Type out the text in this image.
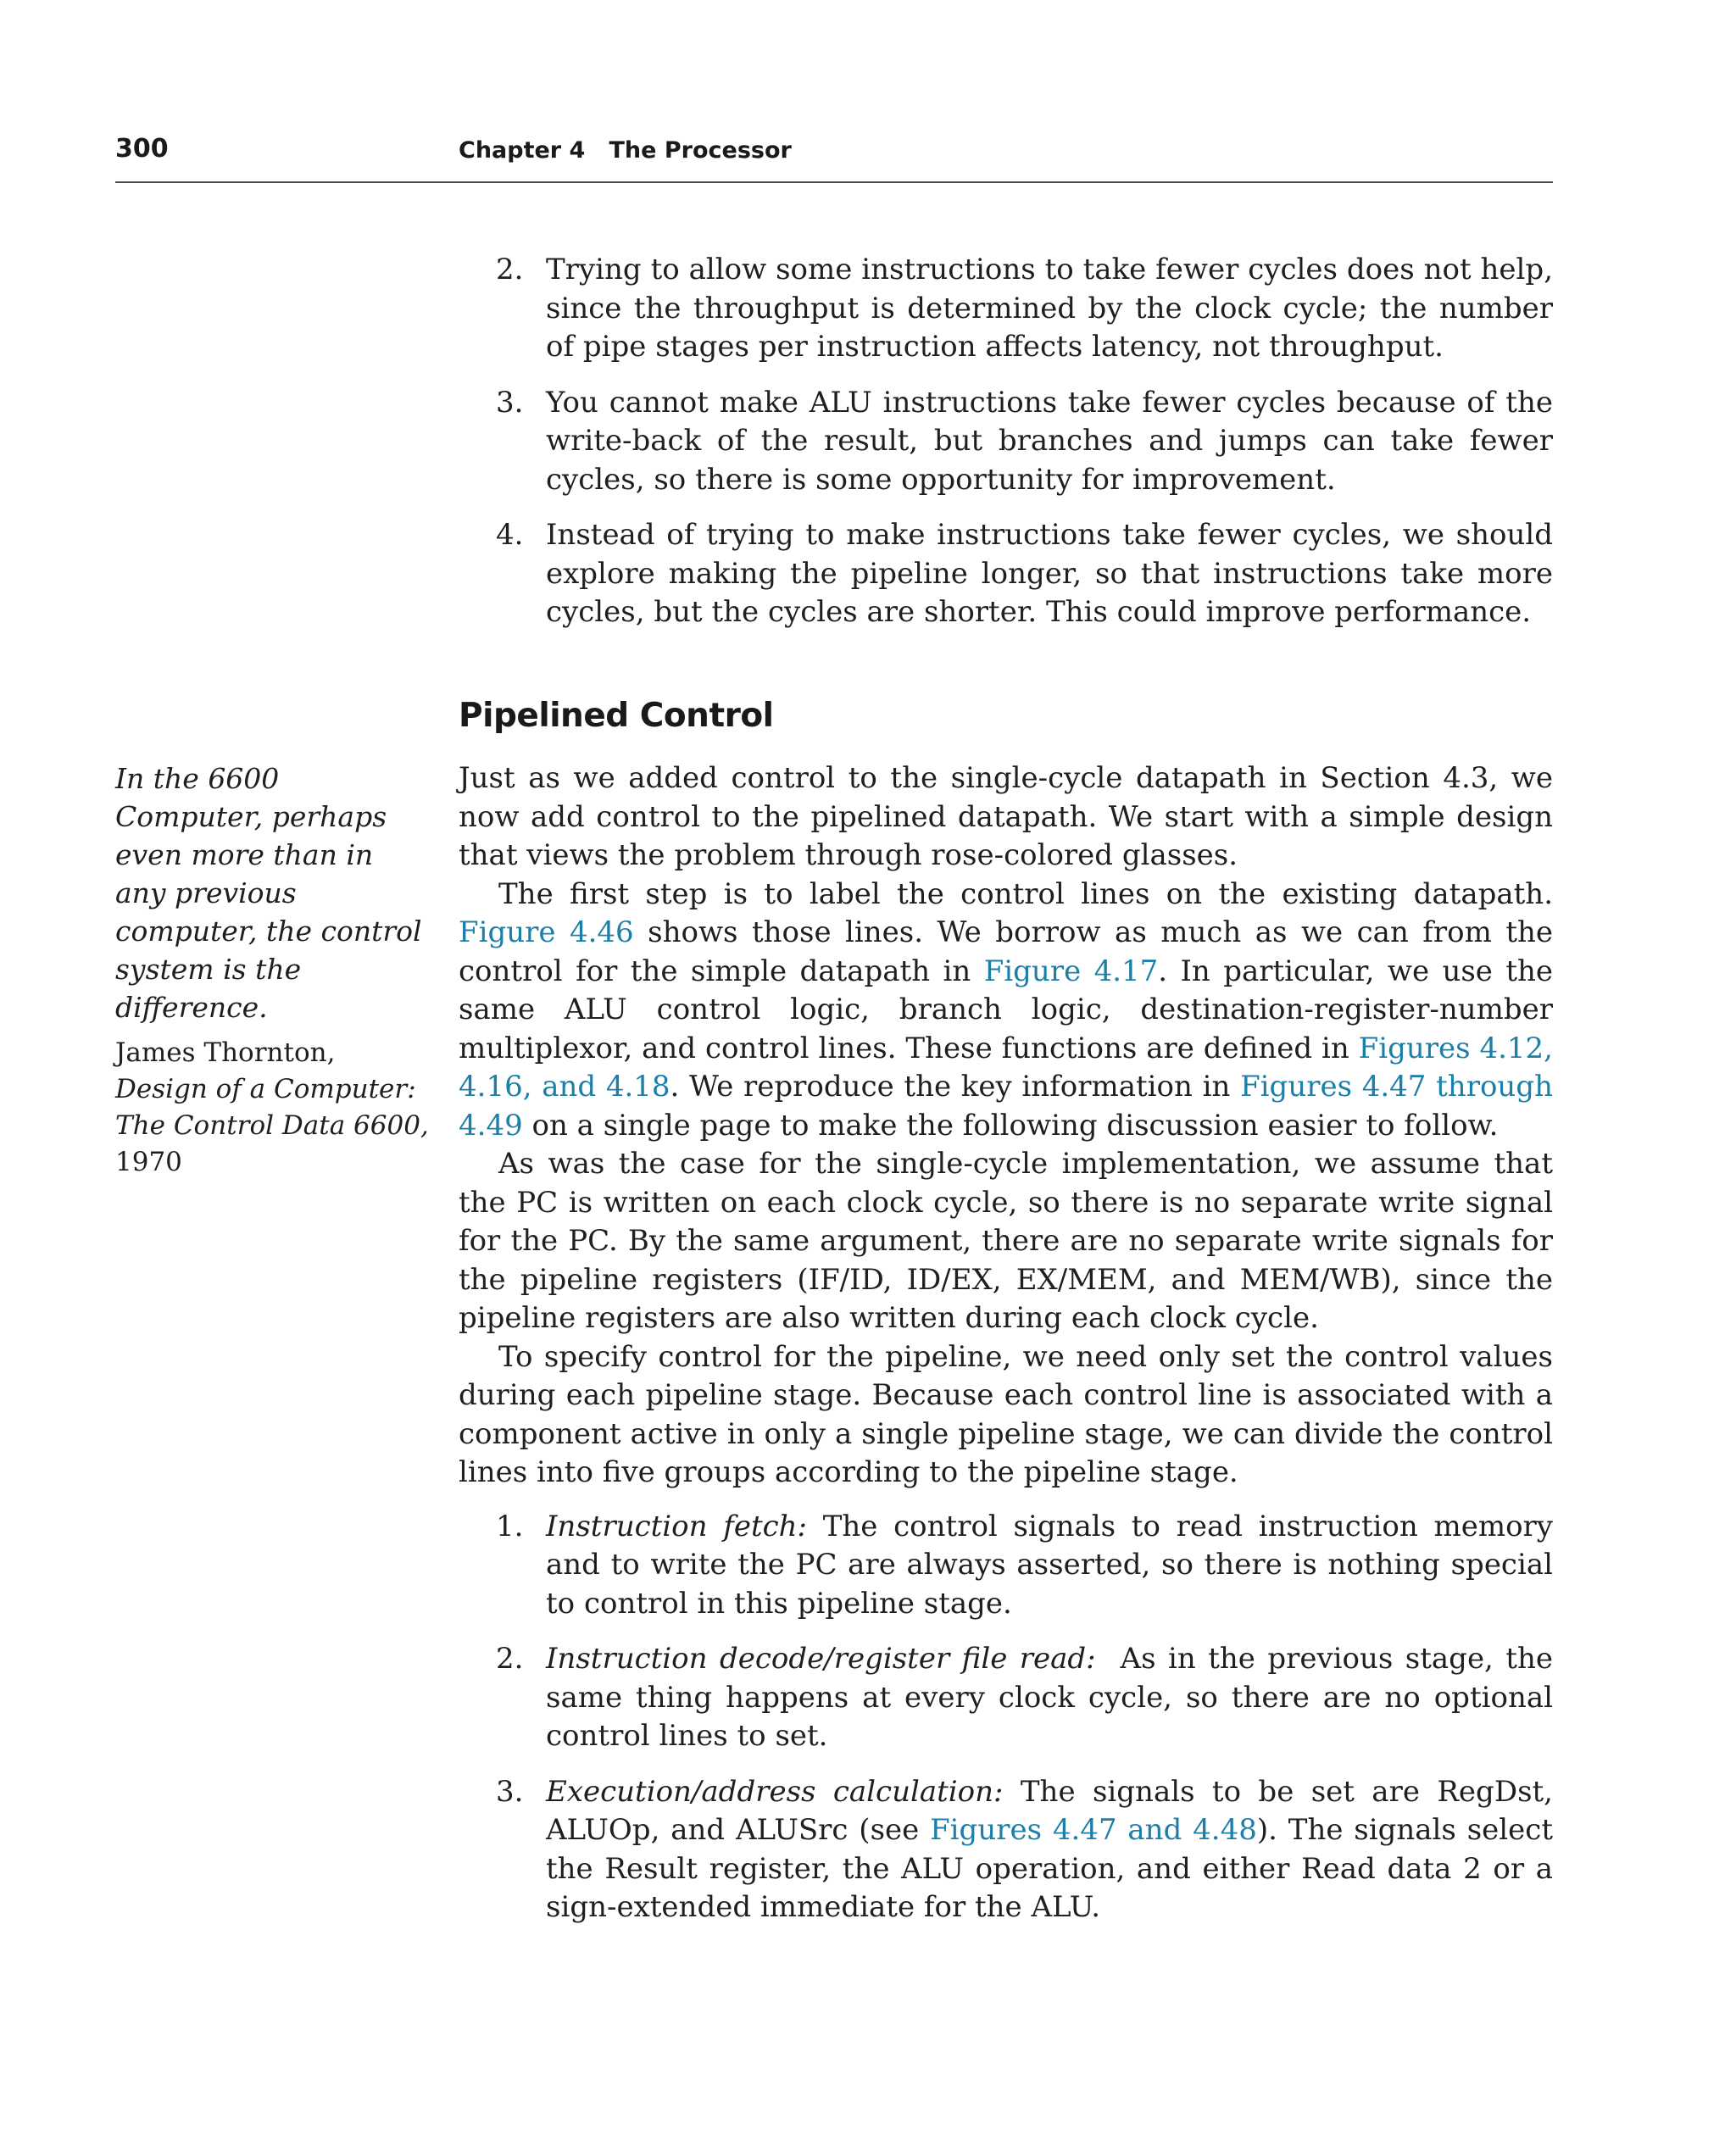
300	Chapter 4   The Processor
2. Trying to allow some instructions to take fewer cycles does not help, since the throughput is determined by the clock cycle; the number of pipe stages per instruction affects latency, not throughput.
3. You cannot make ALU instructions take fewer cycles because of the write-back of the result, but branches and jumps can take fewer cycles, so there is some opportunity for improvement.
4. Instead of trying to make instructions take fewer cycles, we should explore making the pipeline longer, so that instructions take more cycles, but the cycles are shorter. This could improve performance.
Pipelined Control

In the 6600 Computer, perhaps even more than in any previous computer, the control system is the difference.

James Thornton, Design of a Computer: The Control Data 6600, 1970

Just as we added control to the single-cycle datapath in Section 4.3, we now add control to the pipelined datapath. We start with a simple design that views the problem through rose-colored glasses.

The first step is to label the control lines on the existing datapath. Figure 4.46 shows those lines. We borrow as much as we can from the control for the simple datapath in Figure 4.17. In particular, we use the same ALU control logic, branch logic, destination-register-number multiplexor, and control lines. These functions are defined in Figures 4.12, 4.16, and 4.18. We reproduce the key information in Figures 4.47 through 4.49 on a single page to make the following discussion easier to follow.

As was the case for the single-cycle implementation, we assume that the PC is written on each clock cycle, so there is no separate write signal for the PC. By the same argument, there are no separate write signals for the pipeline registers (IF/ID, ID/EX, EX/MEM, and MEM/WB), since the pipeline registers are also written during each clock cycle.

To specify control for the pipeline, we need only set the control values during each pipeline stage. Because each control line is associated with a component active in only a single pipeline stage, we can divide the control lines into five groups according to the pipeline stage.

1. Instruction fetch: The control signals to read instruction memory and to write the PC are always asserted, so there is nothing special to control in this pipeline stage.
2. Instruction decode/register file read:  As in the previous stage, the same thing happens at every clock cycle, so there are no optional control lines to set.
3. Execution/address calculation: The signals to be set are RegDst, ALUOp, and ALUSrc (see Figures 4.47 and 4.48). The signals select the Result register, the ALU operation, and either Read data 2 or a sign-extended immediate for the ALU.
